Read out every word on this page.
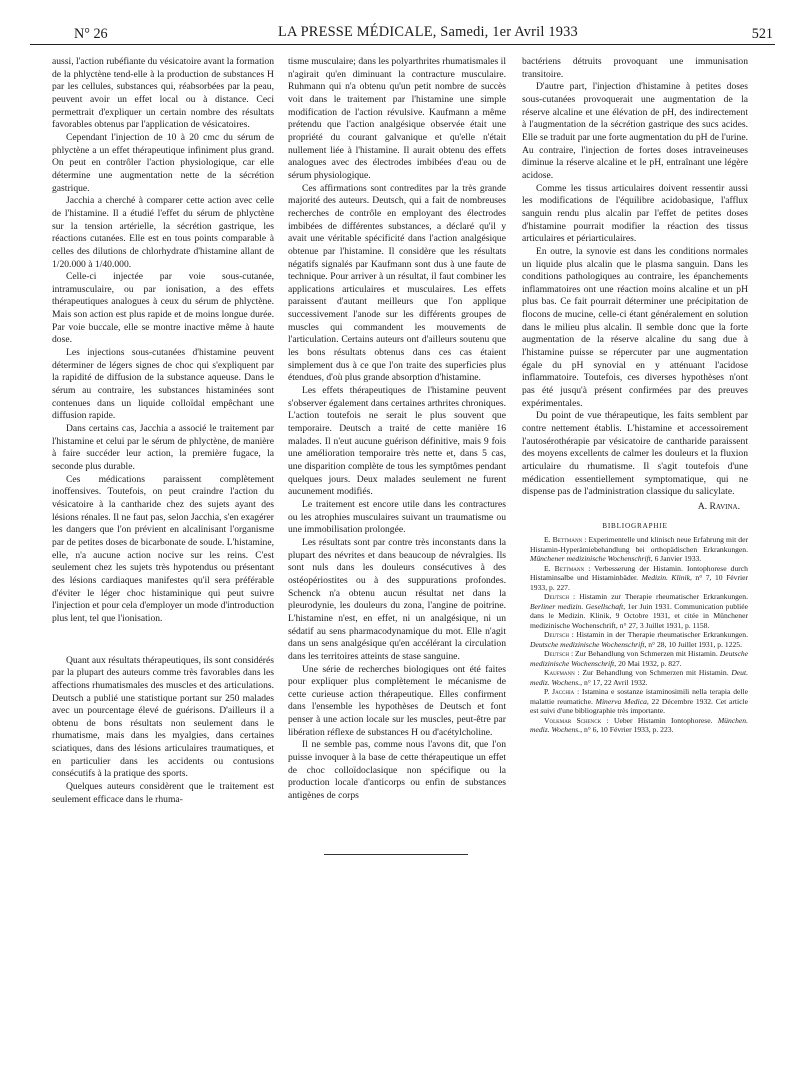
N° 26	LA PRESSE MÉDICALE, Samedi, 1er Avril 1933	521

aussi, l'action rubéfiante du vésicatoire avant la formation de la phlyctène tend-elle à la production de substances H par les cellules, substances qui, réabsorbées par la peau, peuvent avoir un effet local ou à distance. Ceci permettrait d'expliquer un certain nombre des résultats favorables obtenus par l'application de vésicatoires.

Cependant l'injection de 10 à 20 cmc du sérum de phlyctène a un effet thérapeutique infiniment plus grand. On peut en contrôler l'action physiologique, car elle détermine une augmentation nette de la sécrétion gastrique.

Jacchia a cherché à comparer cette action avec celle de l'histamine. Il a étudié l'effet du sérum de phlyctène sur la tension artérielle, la sécrétion gastrique, les réactions cutanées. Elle est en tous points comparable à celles des dilutions de chlorhydrate d'histamine allant de 1/20.000 à 1/40.000.

Celle-ci injectée par voie sous-cutanée, intramusculaire, ou par ionisation, a des effets thérapeutiques analogues à ceux du sérum de phlyctène. Mais son action est plus rapide et de moins longue durée. Par voie buccale, elle se montre inactive même à haute dose.

Les injections sous-cutanées d'histamine peuvent déterminer de légers signes de choc qui s'expliquent par la rapidité de diffusion de la substance aqueuse. Dans le sérum au contraire, les substances histaminées sont contenues dans un liquide colloïdal empêchant une diffusion rapide.

Dans certains cas, Jacchia a associé le traitement par l'histamine et celui par le sérum de phlyctène, de manière à faire succéder leur action, la première fugace, la seconde plus durable.

Ces médications paraissent complètement inoffensives. Toutefois, on peut craindre l'action du vésicatoire à la cantharide chez des sujets ayant des lésions rénales. Il ne faut pas, selon Jacchia, s'en exagérer les dangers que l'on prévient en alcalinisant l'organisme par de petites doses de bicarbonate de soude. L'histamine, elle, n'a aucune action nocive sur les reins. C'est seulement chez les sujets très hypotendus ou présentant des lésions cardiaques manifestes qu'il sera préférable d'éviter le léger choc histaminique qui peut suivre l'injection et pour cela d'employer un mode d'introduction plus lent, tel que l'ionisation.

Quant aux résultats thérapeutiques, ils sont considérés par la plupart des auteurs comme très favorables dans les affections rhumatismales des muscles et des articulations. Deutsch a publié une statistique portant sur 250 malades avec un pourcentage élevé de guérisons. D'ailleurs il a obtenu de bons résultats non seulement dans le rhumatisme, mais dans les myalgies, dans certaines sciatiques, dans des lésions articulaires traumatiques, et en particulier dans les accidents ou contusions consécutifs à la pratique des sports.

Quelques auteurs considèrent que le traitement est seulement efficace dans le rhuma-

tisme musculaire; dans les polyarthrites rhumatismales il n'agirait qu'en diminuant la contracture musculaire. Ruhmann qui n'a obtenu qu'un petit nombre de succès voit dans le traitement par l'histamine une simple modification de l'action révulsive. Kaufmann a même prétendu que l'action analgésique observée était une propriété du courant galvanique et qu'elle n'était nullement liée à l'histamine. Il aurait obtenu des effets analogues avec des électrodes imbibées d'eau ou de sérum physiologique.

Ces affirmations sont contredites par la très grande majorité des auteurs. Deutsch, qui a fait de nombreuses recherches de contrôle en employant des électrodes imbibées de différentes substances, a déclaré qu'il y avait une véritable spécificité dans l'action analgésique obtenue par l'histamine. Il considère que les résultats négatifs signalés par Kaufmann sont dus à une faute de technique. Pour arriver à un résultat, il faut combiner les applications articulaires et musculaires. Les effets paraissent d'autant meilleurs que l'on applique successivement l'anode sur les différents groupes de muscles qui commandent les mouvements de l'articulation. Certains auteurs ont d'ailleurs soutenu que les bons résultats obtenus dans ces cas étaient simplement dus à ce que l'on traite des superficies plus étendues, d'où plus grande absorption d'histamine.

Les effets thérapeutiques de l'histamine peuvent s'observer également dans certaines arthrites chroniques. L'action toutefois ne serait le plus souvent que temporaire. Deutsch a traité de cette manière 16 malades. Il n'eut aucune guérison définitive, mais 9 fois une amélioration temporaire très nette et, dans 5 cas, une disparition complète de tous les symptômes pendant quelques jours. Deux malades seulement ne furent aucunement modifiés.

Le traitement est encore utile dans les contractures ou les atrophies musculaires suivant un traumatisme ou une immobilisation prolongée.

Les résultats sont par contre très inconstants dans la plupart des névrites et dans beaucoup de névralgies. Ils sont nuls dans les douleurs consécutives à des ostéopériostites ou à des suppurations profondes. Schenck n'a obtenu aucun résultat net dans la pleurodynie, les douleurs du zona, l'angine de poitrine. L'histamine n'est, en effet, ni un analgésique, ni un sédatif au sens pharmacodynamique du mot. Elle n'agit dans un sens analgésique qu'en accélérant la circulation dans les territoires atteints de stase sanguine.

Une série de recherches biologiques ont été faites pour expliquer plus complètement le mécanisme de cette curieuse action thérapeutique. Elles confirment dans l'ensemble les hypothèses de Deutsch et font penser à une action locale sur les muscles, peut-être par libération réflexe de substances H ou d'acétylcholine.

Il ne semble pas, comme nous l'avons dit, que l'on puisse invoquer à la base de cette thérapeutique un effet de choc colloïdoclasique non spécifique ou la production locale d'anticorps ou enfin de substances antigènes de corps

bactériens détruits provoquant une immunisation transitoire.

D'autre part, l'injection d'histamine à petites doses sous-cutanées provoquerait une augmentation de la réserve alcaline et une élévation de pH, des indirectement à l'augmentation de la sécrétion gastrique des sucs acides. Elle se traduit par une forte augmentation du pH de l'urine. Au contraire, l'injection de fortes doses intraveineuses diminue la réserve alcaline et le pH, entraînant une légère acidose.

Comme les tissus articulaires doivent ressentir aussi les modifications de l'équilibre acidobasique, l'afflux sanguin rendu plus alcalin par l'effet de petites doses d'histamine pourrait modifier la réaction des tissus articulaires et périarticulaires.

En outre, la synovie est dans les conditions normales un liquide plus alcalin que le plasma sanguin. Dans les conditions pathologiques au contraire, les épanchements inflammatoires ont une réaction moins alcaline et un pH plus bas. Ce fait pourrait déterminer une précipitation de flocons de mucine, celle-ci étant généralement en solution dans le milieu plus alcalin. Il semble donc que la forte augmentation de la réserve alcaline du sang due à l'histamine puisse se répercuter par une augmentation égale du pH synovial en y atténuant l'acidose inflammatoire. Toutefois, ces diverses hypothèses n'ont pas été jusqu'à présent confirmées par des preuves expérimentales.

Du point de vue thérapeutique, les faits semblent par contre nettement établis. L'histamine et accessoirement l'autosérothérapie par vésicatoire de cantharide paraissent des moyens excellents de calmer les douleurs et la fluxion articulaire du rhumatisme. Il s'agit toutefois d'une médication essentiellement symptomatique, qui ne dispense pas de l'administration classique du salicylate.

A. Ravina.
BIBLIOGRAPHIE

E. Bettmann : Experimentelle und klinisch neue Erfahrung mit der Histamin-Hyperämiebehandlung bei orthopädischen Erkrankungen. Münchener medizinische Wochenschrift, 6 Janvier 1933.

E. Bettmann : Verbesserung der Histamin. Iontophorese durch Histaminsalbe und Histaminbäder. Medizin. Klinik, n° 7, 10 Février 1933, p. 227.

Deutsch : Histamin zur Therapie rheumatischer Erkrankungen. Berliner medizin. Gesellschaft, 1er Juin 1931. Communication publiée dans le Medizin. Klinik, 9 Octobre 1931, et citée in Münchener medizinische Wochenschrift, n° 27, 3 Juillet 1931, p. 1158.

Deutsch : Histamin in der Therapie rheumatischer Erkrankungen. Deutsche medizinische Wochenschrift, n° 28, 10 Juillet 1931, p. 1225.

Deutsch : Zur Behandlung von Schmerzen mit Histamin. Deutsche medizinische Wochenschrift, 20 Mai 1932, p. 827.

Kaufmann : Zur Behandlung von Schmerzen mit Histamin. Deut. mediz. Wochens., n° 17, 22 Avril 1932.

P. Jacchia : Istamina e sostanze istaminosimili nella terapia delle malattie reumatiche. Minerva Medica, 22 Décembre 1932. Cet article est suivi d'une bibliographie très importante.

Volkmar Schenck : Ueber Histamin Iontophorese. München. mediz. Wochens., n° 6, 10 Février 1933, p. 223.
